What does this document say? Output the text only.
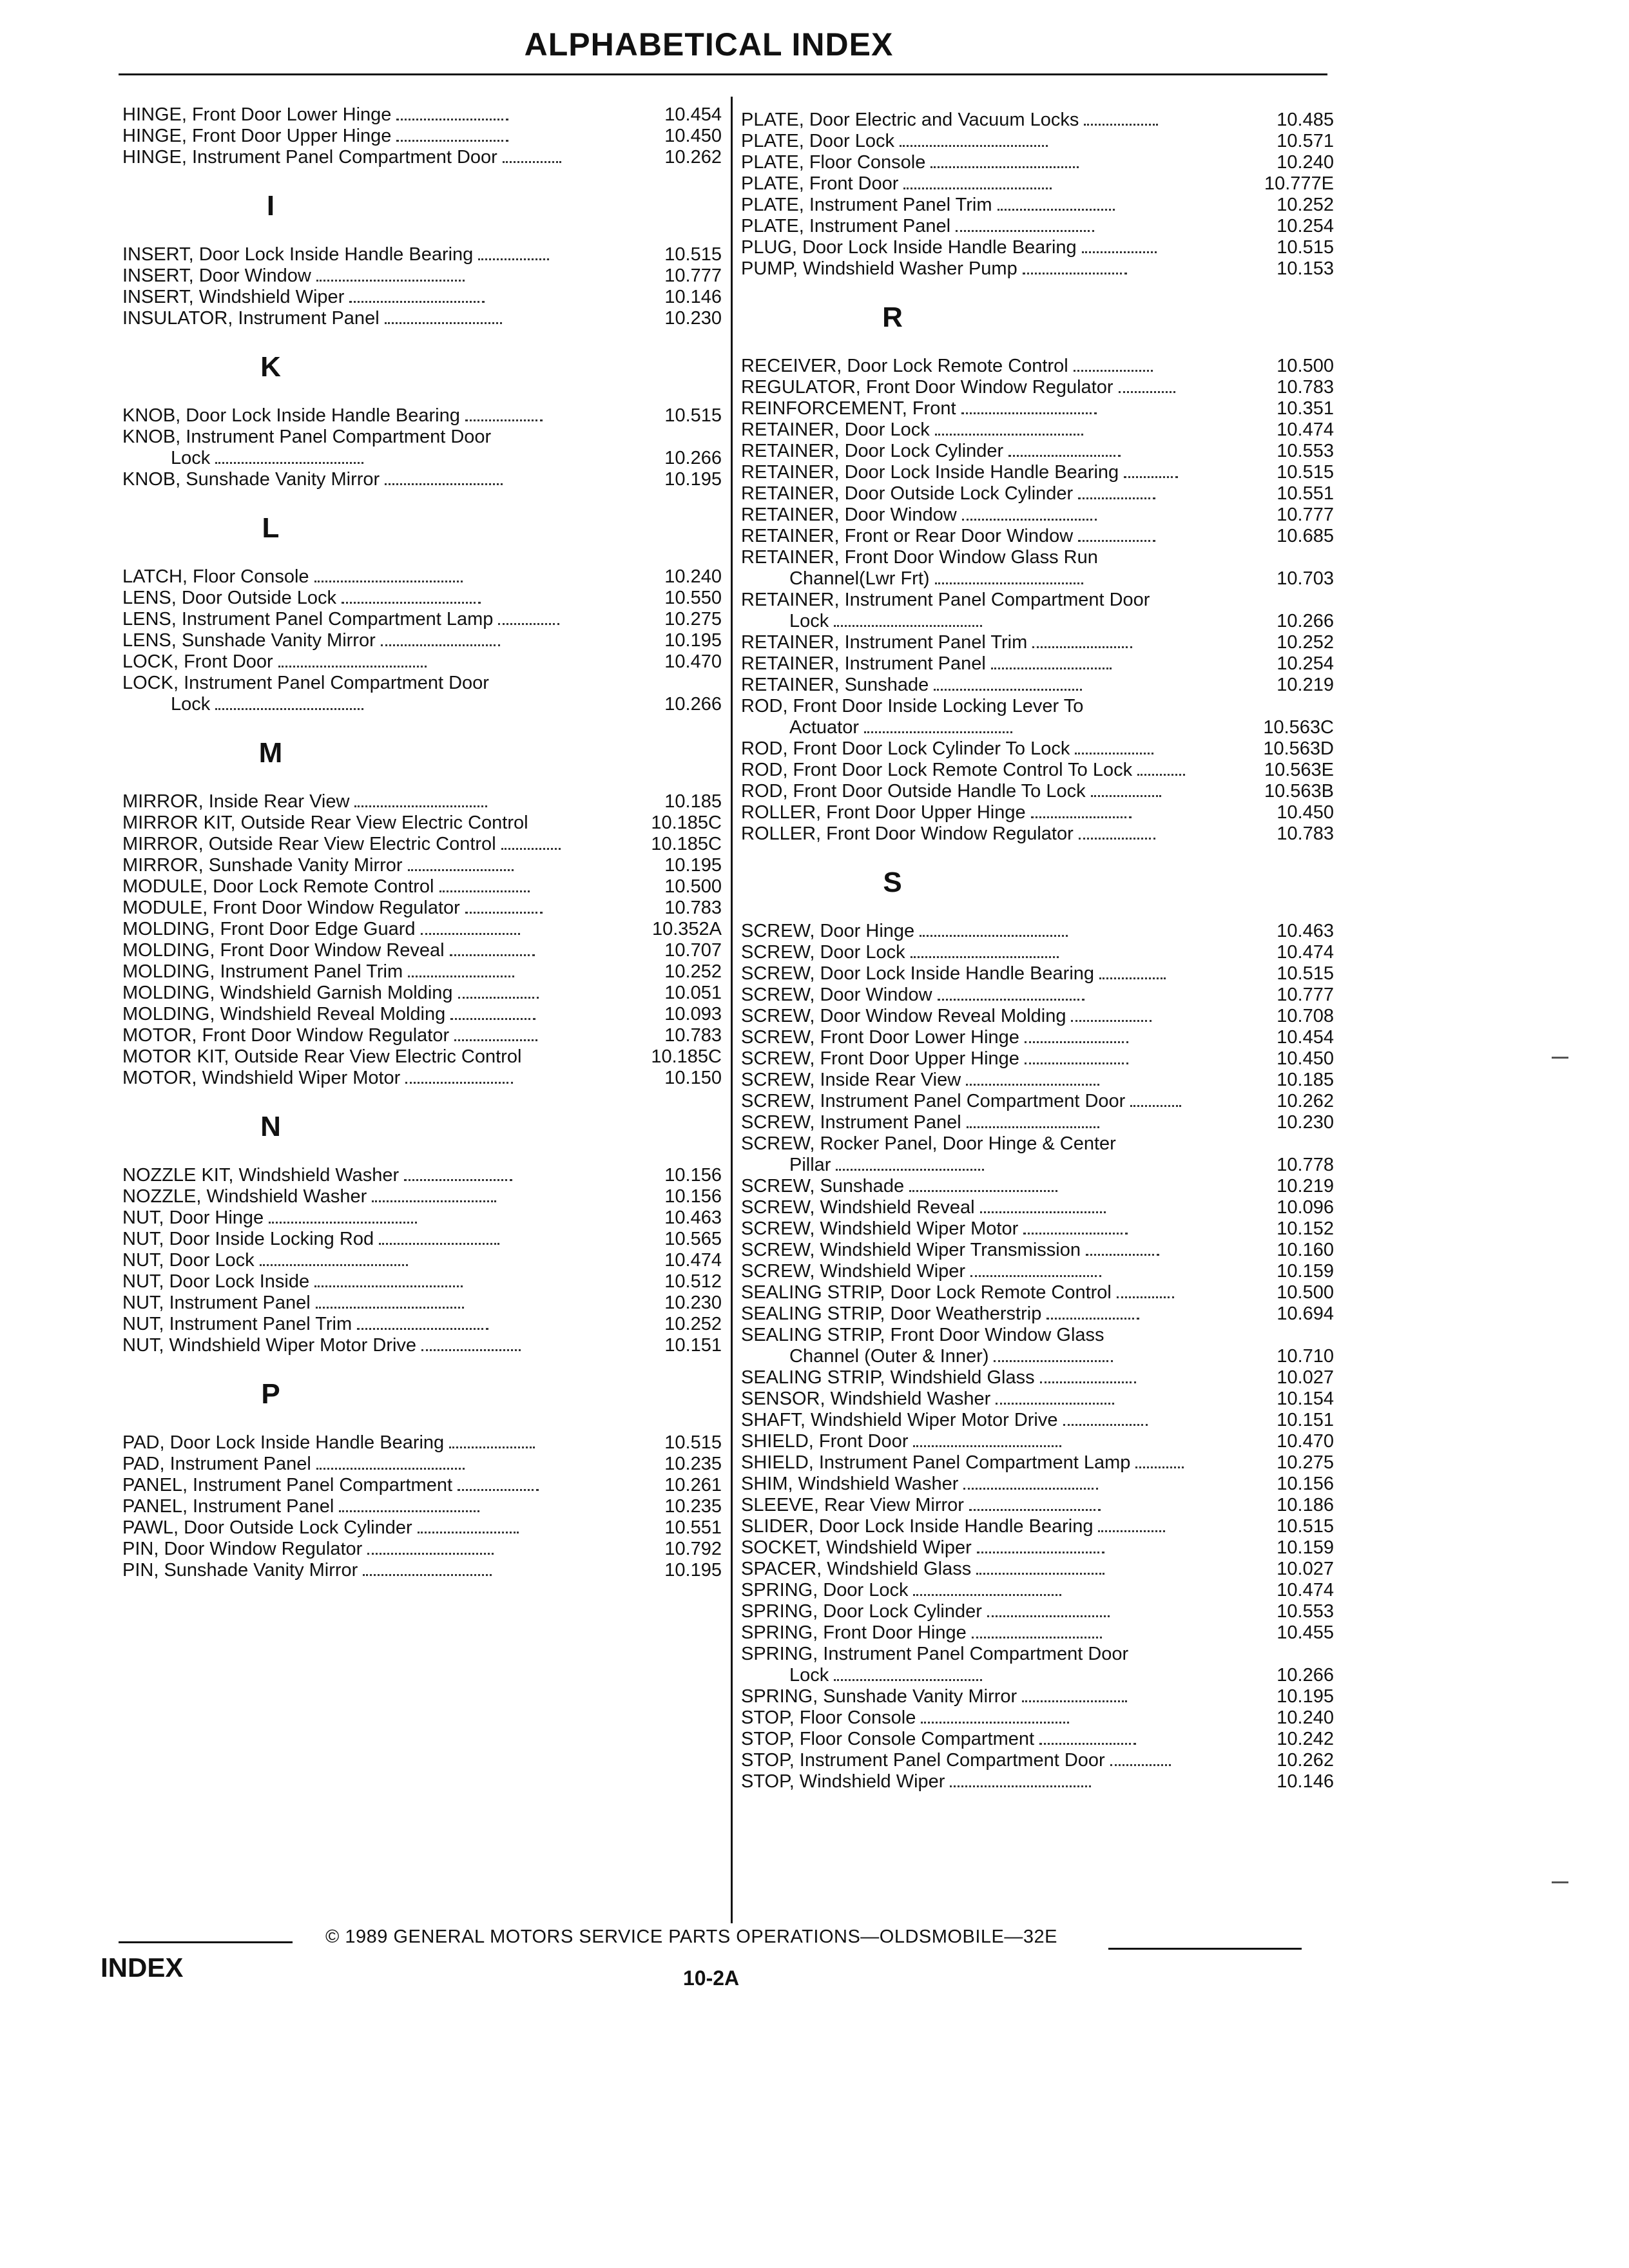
ALPHABETICAL INDEX
HINGE, Front Door Lower Hinge	10.454
HINGE, Front Door Upper Hinge	10.450
HINGE, Instrument Panel Compartment Door	10.262
I
INSERT, Door Lock Inside Handle Bearing	10.515
INSERT, Door Window	10.777
INSERT, Windshield Wiper	10.146
INSULATOR, Instrument Panel	10.230
K
KNOB, Door Lock Inside Handle Bearing	10.515
KNOB, Instrument Panel Compartment Door
Lock	10.266
KNOB, Sunshade Vanity Mirror	10.195
L
LATCH, Floor Console	10.240
LENS, Door Outside Lock	10.550
LENS, Instrument Panel Compartment Lamp	10.275
LENS, Sunshade Vanity Mirror	10.195
LOCK, Front Door	10.470
LOCK, Instrument Panel Compartment Door
Lock	10.266
M
MIRROR, Inside Rear View	10.185
MIRROR KIT, Outside Rear View Electric Control	10.185C
MIRROR, Outside Rear View Electric Control	10.185C
MIRROR, Sunshade Vanity Mirror	10.195
MODULE, Door Lock Remote Control	10.500
MODULE, Front Door Window Regulator	10.783
MOLDING, Front Door Edge Guard	10.352A
MOLDING, Front Door Window Reveal	10.707
MOLDING, Instrument Panel Trim	10.252
MOLDING, Windshield Garnish Molding	10.051
MOLDING, Windshield Reveal Molding	10.093
MOTOR, Front Door Window Regulator	10.783
MOTOR KIT, Outside Rear View Electric Control	10.185C
MOTOR, Windshield Wiper Motor	10.150
N
NOZZLE KIT, Windshield Washer	10.156
NOZZLE, Windshield Washer	10.156
NUT, Door Hinge	10.463
NUT, Door Inside Locking Rod	10.565
NUT, Door Lock	10.474
NUT, Door Lock Inside	10.512
NUT, Instrument Panel	10.230
NUT, Instrument Panel Trim	10.252
NUT, Windshield Wiper Motor Drive	10.151
P
PAD, Door Lock Inside Handle Bearing	10.515
PAD, Instrument Panel	10.235
PANEL, Instrument Panel Compartment	10.261
PANEL, Instrument Panel	10.235
PAWL, Door Outside Lock Cylinder	10.551
PIN, Door Window Regulator	10.792
PIN, Sunshade Vanity Mirror	10.195
PLATE, Door Electric and Vacuum Locks	10.485
PLATE, Door Lock	10.571
PLATE, Floor Console	10.240
PLATE, Front Door	10.777E
PLATE, Instrument Panel Trim	10.252
PLATE, Instrument Panel	10.254
PLUG, Door Lock Inside Handle Bearing	10.515
PUMP, Windshield Washer Pump	10.153
R
RECEIVER, Door Lock Remote Control	10.500
REGULATOR, Front Door Window Regulator	10.783
REINFORCEMENT, Front	10.351
RETAINER, Door Lock	10.474
RETAINER, Door Lock Cylinder	10.553
RETAINER, Door Lock Inside Handle Bearing	10.515
RETAINER, Door Outside Lock Cylinder	10.551
RETAINER, Door Window	10.777
RETAINER, Front or Rear Door Window	10.685
RETAINER, Front Door Window Glass Run
Channel(Lwr Frt)	10.703
RETAINER, Instrument Panel Compartment Door
Lock	10.266
RETAINER, Instrument Panel Trim	10.252
RETAINER, Instrument Panel	10.254
RETAINER, Sunshade	10.219
ROD, Front Door Inside Locking Lever To
Actuator	10.563C
ROD, Front Door Lock Cylinder To Lock	10.563D
ROD, Front Door Lock Remote Control To Lock	10.563E
ROD, Front Door Outside Handle To Lock	10.563B
ROLLER, Front Door Upper Hinge	10.450
ROLLER, Front Door Window Regulator	10.783
S
SCREW, Door Hinge	10.463
SCREW, Door Lock	10.474
SCREW, Door Lock Inside Handle Bearing	10.515
SCREW, Door Window	10.777
SCREW, Door Window Reveal Molding	10.708
SCREW, Front Door Lower Hinge	10.454
SCREW, Front Door Upper Hinge	10.450
SCREW, Inside Rear View	10.185
SCREW, Instrument Panel Compartment Door	10.262
SCREW, Instrument Panel	10.230
SCREW, Rocker Panel, Door Hinge & Center
Pillar	10.778
SCREW, Sunshade	10.219
SCREW, Windshield Reveal	10.096
SCREW, Windshield Wiper Motor	10.152
SCREW, Windshield Wiper Transmission	10.160
SCREW, Windshield Wiper	10.159
SEALING STRIP, Door Lock Remote Control	10.500
SEALING STRIP, Door Weatherstrip	10.694
SEALING STRIP, Front Door Window Glass
Channel (Outer & Inner)	10.710
SEALING STRIP, Windshield Glass	10.027
SENSOR, Windshield Washer	10.154
SHAFT, Windshield Wiper Motor Drive	10.151
SHIELD, Front Door	10.470
SHIELD, Instrument Panel Compartment Lamp	10.275
SHIM, Windshield Washer	10.156
SLEEVE, Rear View Mirror	10.186
SLIDER, Door Lock Inside Handle Bearing	10.515
SOCKET, Windshield Wiper	10.159
SPACER, Windshield Glass	10.027
SPRING, Door Lock	10.474
SPRING, Door Lock Cylinder	10.553
SPRING, Front Door Hinge	10.455
SPRING, Instrument Panel Compartment Door
Lock	10.266
SPRING, Sunshade Vanity Mirror	10.195
STOP, Floor Console	10.240
STOP, Floor Console Compartment	10.242
STOP, Instrument Panel Compartment Door	10.262
STOP, Windshield Wiper	10.146
© 1989 GENERAL MOTORS SERVICE PARTS OPERATIONS—OLDSMOBILE—32E
INDEX	10-2A
